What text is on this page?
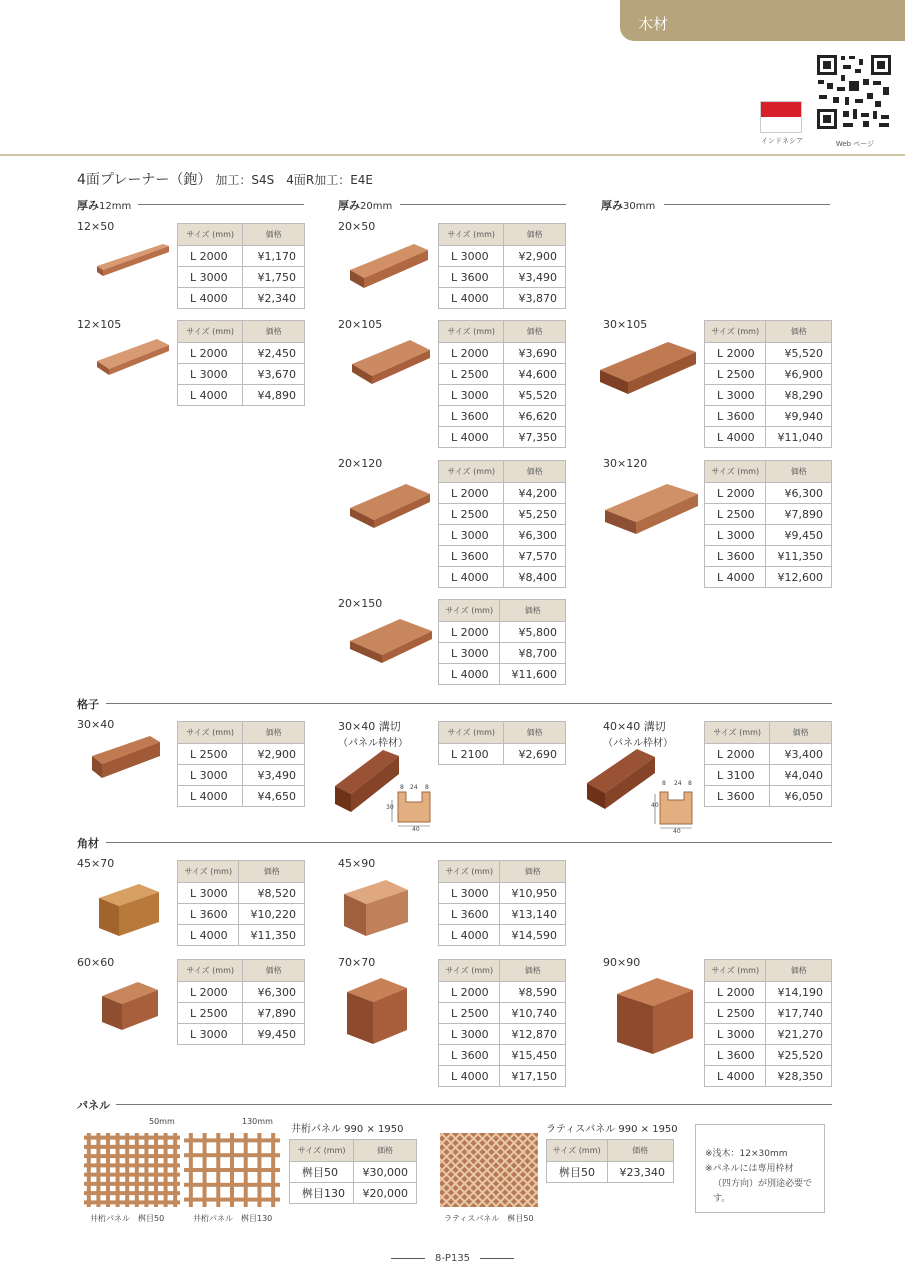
木材
インドネシア	Web ページ
4面プレーナー（鉋） 加工：S4S　4面R加工：E4E
厚み12mm	厚み20mm	厚み30mm
格子
角材
パネル
12×50
12×105
20×50
20×105
20×120
20×150
30×105
30×120
30×40	30×40 溝切
（パネル枠材）
40×40 溝切
（パネル枠材）
45×70	45×90
60×60	70×70	90×90
8 24 8
30
40
8 24 8
40
40
サイズ (mm)	価格
L 2000	¥1,170
L 3000	¥1,750
L 4000	¥2,340
サイズ (mm)	価格
L 2000	¥2,450
L 3000	¥3,670
L 4000	¥4,890
サイズ (mm)	価格
L 3000	¥2,900
L 3600	¥3,490
L 4000	¥3,870
サイズ (mm)	価格
L 2000	¥3,690
L 2500	¥4,600
L 3000	¥5,520
L 3600	¥6,620
L 4000	¥7,350
サイズ (mm)	価格
L 2000	¥4,200
L 2500	¥5,250
L 3000	¥6,300
L 3600	¥7,570
L 4000	¥8,400
サイズ (mm)	価格
L 2000	¥5,800
L 3000	¥8,700
L 4000	¥11,600
サイズ (mm)	価格
L 2000	¥5,520
L 2500	¥6,900
L 3000	¥8,290
L 3600	¥9,940
L 4000	¥11,040
サイズ (mm)	価格
L 2000	¥6,300
L 2500	¥7,890
L 3000	¥9,450
L 3600	¥11,350
L 4000	¥12,600
サイズ (mm)	価格
L 2500	¥2,900
L 3000	¥3,490
L 4000	¥4,650
サイズ (mm)	価格
L 2100	¥2,690
サイズ (mm)	価格
L 2000	¥3,400
L 3100	¥4,040
L 3600	¥6,050
サイズ (mm)	価格
L 3000	¥8,520
L 3600	¥10,220
L 4000	¥11,350
サイズ (mm)	価格
L 3000	¥10,950
L 3600	¥13,140
L 4000	¥14,590
サイズ (mm)	価格
L 2000	¥6,300
L 2500	¥7,890
L 3000	¥9,450
サイズ (mm)	価格
L 2000	¥8,590
L 2500	¥10,740
L 3000	¥12,870
L 3600	¥15,450
L 4000	¥17,150
サイズ (mm)	価格
L 2000	¥14,190
L 2500	¥17,740
L 3000	¥21,270
L 3600	¥25,520
L 4000	¥28,350
井桁パネル 990 × 1950
サイズ (mm)	価格
桝目50	¥30,000
桝目130	¥20,000
ラティスパネル 990 × 1950
サイズ (mm)	価格
桝目50	¥23,340
50mm	130mm
井桁パネル　桝目50	井桁パネル　桝目130	ラティスパネル　桝目50
※浅木：12×30mm
※パネルには専用枠材
（四方向）が別途必要です。
8-P135
